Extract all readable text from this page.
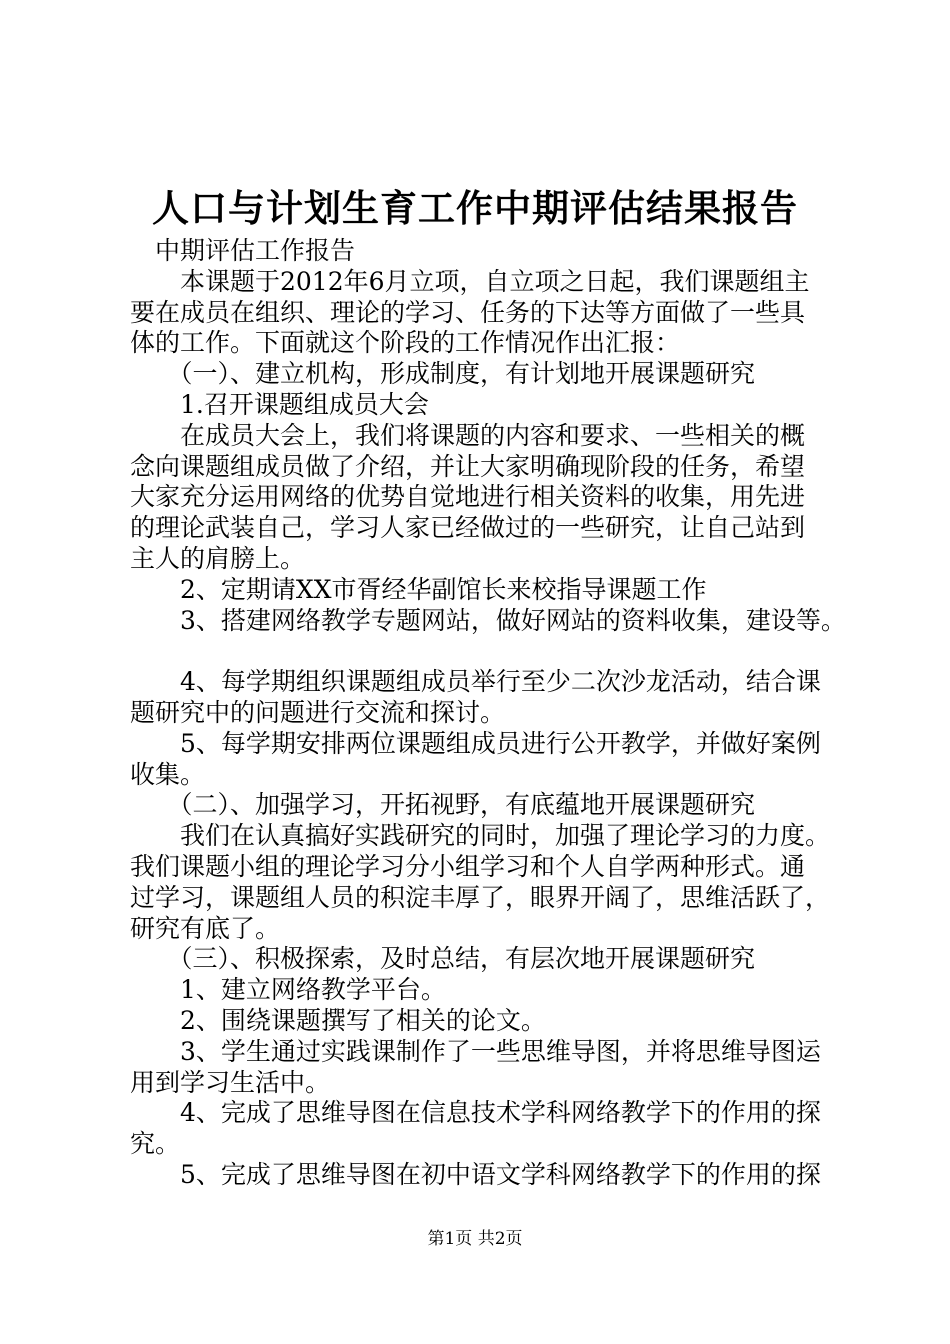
人口与计划生育工作中期评估结果报告
　中期评估工作报告
　　本课题于2012年6月立项，自立项之日起，我们课题组主
要在成员在组织、理论的学习、任务的下达等方面做了一些具
体的工作。下面就这个阶段的工作情况作出汇报：
　　（一）、建立机构，形成制度，有计划地开展课题研究
　　1.召开课题组成员大会
　　在成员大会上，我们将课题的内容和要求、一些相关的概
念向课题组成员做了介绍，并让大家明确现阶段的任务，希望
大家充分运用网络的优势自觉地进行相关资料的收集，用先进
的理论武装自己，学习人家已经做过的一些研究，让自己站到
主人的肩膀上。
　　2、定期请XX市胥经华副馆长来校指导课题工作
　　3、搭建网络教学专题网站，做好网站的资料收集，建设等。
　　4、每学期组织课题组成员举行至少二次沙龙活动，结合课
题研究中的问题进行交流和探讨。
　　5、每学期安排两位课题组成员进行公开教学，并做好案例
收集。
　　（二）、加强学习，开拓视野，有底蕴地开展课题研究
　　我们在认真搞好实践研究的同时，加强了理论学习的力度。
我们课题小组的理论学习分小组学习和个人自学两种形式。通
过学习，课题组人员的积淀丰厚了，眼界开阔了，思维活跃了，
研究有底了。
　　（三）、积极探索，及时总结，有层次地开展课题研究
　　1、建立网络教学平台。
　　2、围绕课题撰写了相关的论文。
　　3、学生通过实践课制作了一些思维导图，并将思维导图运
用到学习生活中。
　　4、完成了思维导图在信息技术学科网络教学下的作用的探
究。
　　5、完成了思维导图在初中语文学科网络教学下的作用的探
第1页 共2页
